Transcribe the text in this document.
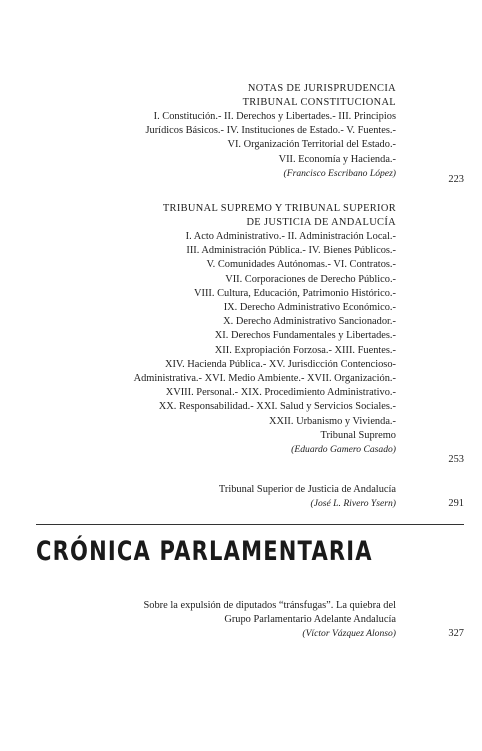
NOTAS DE JURISPRUDENCIA
TRIBUNAL CONSTITUCIONAL
I. Constitución.- II. Derechos y Libertades.- III. Principios
Jurídicos Básicos.- IV. Instituciones de Estado.- V. Fuentes.-
VI. Organización Territorial del Estado.-
VII. Economía y Hacienda.-
(Francisco Escribano López)
223
TRIBUNAL SUPREMO Y TRIBUNAL SUPERIOR
DE JUSTICIA DE ANDALUCÍA
I. Acto Administrativo.- II. Administración Local.-
III. Administración Pública.- IV. Bienes Públicos.-
V. Comunidades Autónomas.- VI. Contratos.-
VII. Corporaciones de Derecho Público.-
VIII. Cultura, Educación, Patrimonio Histórico.-
IX. Derecho Administrativo Económico.-
X. Derecho Administrativo Sancionador.-
XI. Derechos Fundamentales y Libertades.-
XII. Expropiación Forzosa.- XIII. Fuentes.-
XIV. Hacienda Pública.- XV. Jurisdicción Contencioso-
Administrativa.- XVI. Medio Ambiente.- XVII. Organización.-
XVIII. Personal.- XIX. Procedimiento Administrativo.-
XX. Responsabilidad.- XXI. Salud y Servicios Sociales.-
XXII. Urbanismo y Vivienda.-
Tribunal Supremo
(Eduardo Gamero Casado)
253
Tribunal Superior de Justicia de Andalucía
(José L. Rivero Ysern)	291
CRÓNICA PARLAMENTARIA
Sobre la expulsión de diputados “tránsfugas”. La quiebra del
Grupo Parlamentario Adelante Andalucía
(Víctor Vázquez Alonso)	327
